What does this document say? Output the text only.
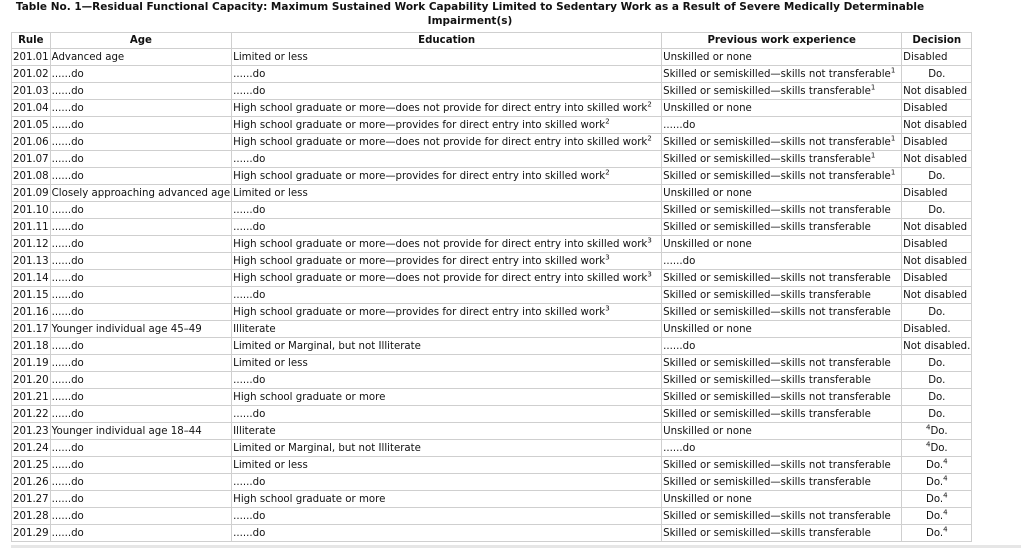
Table No. 1—Residual Functional Capacity: Maximum Sustained Work Capability Limited to Sedentary Work as a Result of Severe Medically Determinable Impairment(s)
Rule	Age	Education	Previous work experience	Decision
201.01	Advanced age	Limited or less	Unskilled or none	Disabled
201.02	......do	......do	Skilled or semiskilled—skills not transferable$^1$	Do.
201.03	......do	......do	Skilled or semiskilled—skills transferable$^1$	Not disabled
201.04	......do	High school graduate or more—does not provide for direct entry into skilled work$^2$	Unskilled or none	Disabled
201.05	......do	High school graduate or more—provides for direct entry into skilled work$^2$	......do	Not disabled
201.06	......do	High school graduate or more—does not provide for direct entry into skilled work$^2$	Skilled or semiskilled—skills not transferable$^1$	Disabled
201.07	......do	......do	Skilled or semiskilled—skills transferable$^1$	Not disabled
201.08	......do	High school graduate or more—provides for direct entry into skilled work$^2$	Skilled or semiskilled—skills not transferable$^1$	Do.
201.09	Closely approaching advanced age	Limited or less	Unskilled or none	Disabled
201.10	......do	......do	Skilled or semiskilled—skills not transferable	Do.
201.11	......do	......do	Skilled or semiskilled—skills transferable	Not disabled
201.12	......do	High school graduate or more—does not provide for direct entry into skilled work$^3$	Unskilled or none	Disabled
201.13	......do	High school graduate or more—provides for direct entry into skilled work$^3$	......do	Not disabled
201.14	......do	High school graduate or more—does not provide for direct entry into skilled work$^3$	Skilled or semiskilled—skills not transferable	Disabled
201.15	......do	......do	Skilled or semiskilled—skills transferable	Not disabled
201.16	......do	High school graduate or more—provides for direct entry into skilled work$^3$	Skilled or semiskilled—skills not transferable	Do.
201.17	Younger individual age 45–49	Illiterate	Unskilled or none	Disabled.
201.18	......do	Limited or Marginal, but not Illiterate	......do	Not disabled.
201.19	......do	Limited or less	Skilled or semiskilled—skills not transferable	Do.
201.20	......do	......do	Skilled or semiskilled—skills transferable	Do.
201.21	......do	High school graduate or more	Skilled or semiskilled—skills not transferable	Do.
201.22	......do	......do	Skilled or semiskilled—skills transferable	Do.
201.23	Younger individual age 18–44	Illiterate	Unskilled or none	$^4$Do.
201.24	......do	Limited or Marginal, but not Illiterate	......do	$^4$Do.
201.25	......do	Limited or less	Skilled or semiskilled—skills not transferable	Do.$^4$
201.26	......do	......do	Skilled or semiskilled—skills transferable	Do.$^4$
201.27	......do	High school graduate or more	Unskilled or none	Do.$^4$
201.28	......do	......do	Skilled or semiskilled—skills not transferable	Do.$^4$
201.29	......do	......do	Skilled or semiskilled—skills transferable	Do.$^4$
